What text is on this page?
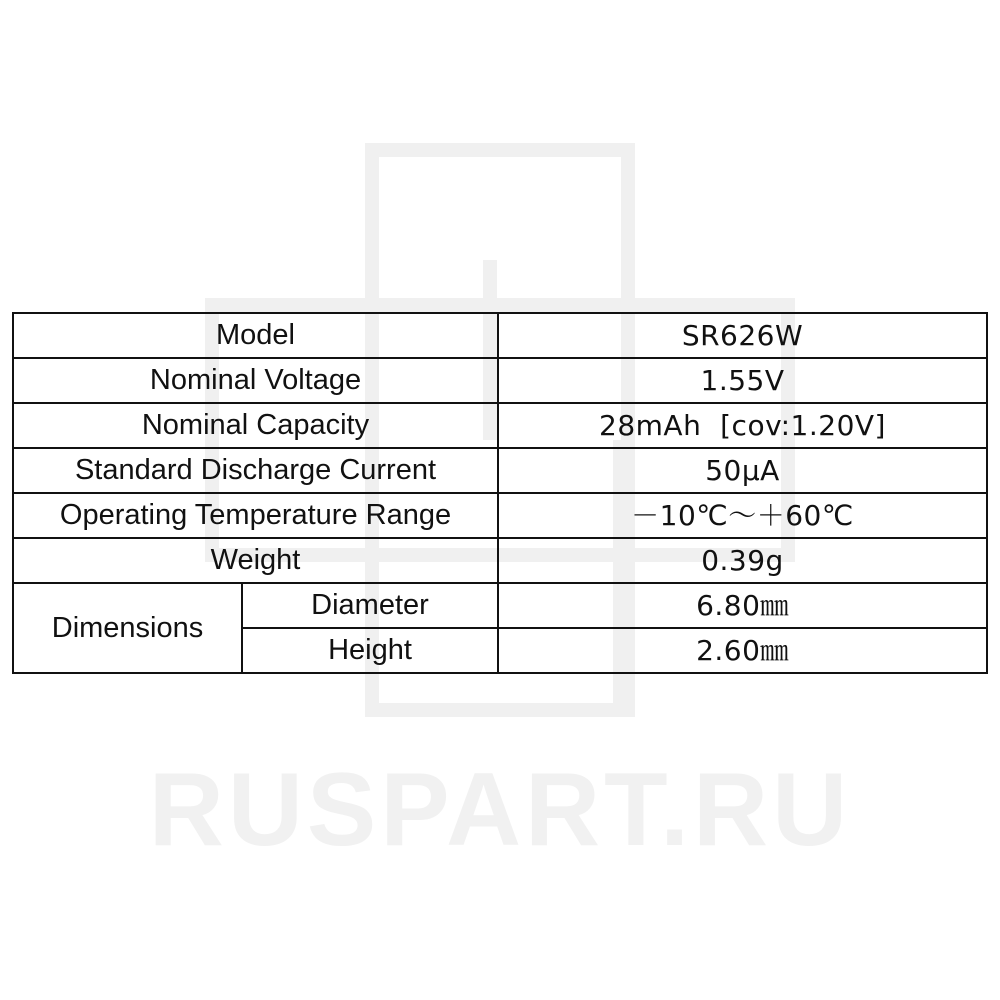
RUSPART.RU
Model		SR626W
Nominal Voltage		1.55V
Nominal Capacity		28mAh  [cov:1.20V]
Standard Discharge Current		50μA
Operating Temperature Range		－10℃～＋60℃
Weight		0.39g
Dimensions	Diameter	6.80㎜
	Height	2.60㎜
